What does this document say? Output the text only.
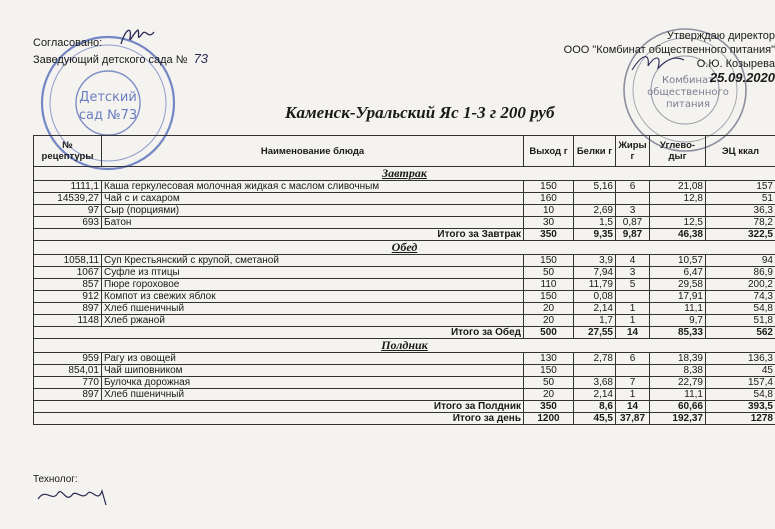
Детский
сад №73
Комбинат
общественного
питания
Согласовано:
Заведующий детского сада № 73
Утверждаю директор
ООО "Комбинат общественного питания"
О.Ю. Козырева
25.09.2020
Каменск-Уральский Яс 1-3 г 200 руб
№ рецептуры	Наименование блюда	Выход г	Белки г	Жиры г	Углево-дыг	ЭЦ ккал
Завтрак						
1111,1	Каша геркулесовая молочная жидкая с маслом сливочным	150	5,16	6	21,08	157
14539,27	Чай с и сахаром	160			12,8	51
97	Сыр (порциями)	10	2,69	3		36,3
693	Батон	30	1,5	0,87	12,5	78,2
Итого за Завтрак		350	9,35	9,87	46,38	322,5
Обед						
1058,11	Суп Крестьянский с крупой, сметаной	150	3,9	4	10,57	94
1067	Суфле из птицы	50	7,94	3	6,47	86,9
857	Пюре гороховое	110	11,79	5	29,58	200,2
912	Компот из свежих яблок	150	0,08		17,91	74,3
897	Хлеб пшеничный	20	2,14	1	11,1	54,8
1148	Хлеб ржаной	20	1,7	1	9,7	51,8
Итого за Обед		500	27,55	14	85,33	562
Полдник						
959	Рагу из овощей	130	2,78	6	18,39	136,3
854,01	Чай шиповником	150			8,38	45
770	Булочка дорожная	50	3,68	7	22,79	157,4
897	Хлеб пшеничный	20	2,14	1	11,1	54,8
Итого за Полдник		350	8,6	14	60,66	393,5
Итого за день		1200	45,5	37,87	192,37	1278
Технолог:
